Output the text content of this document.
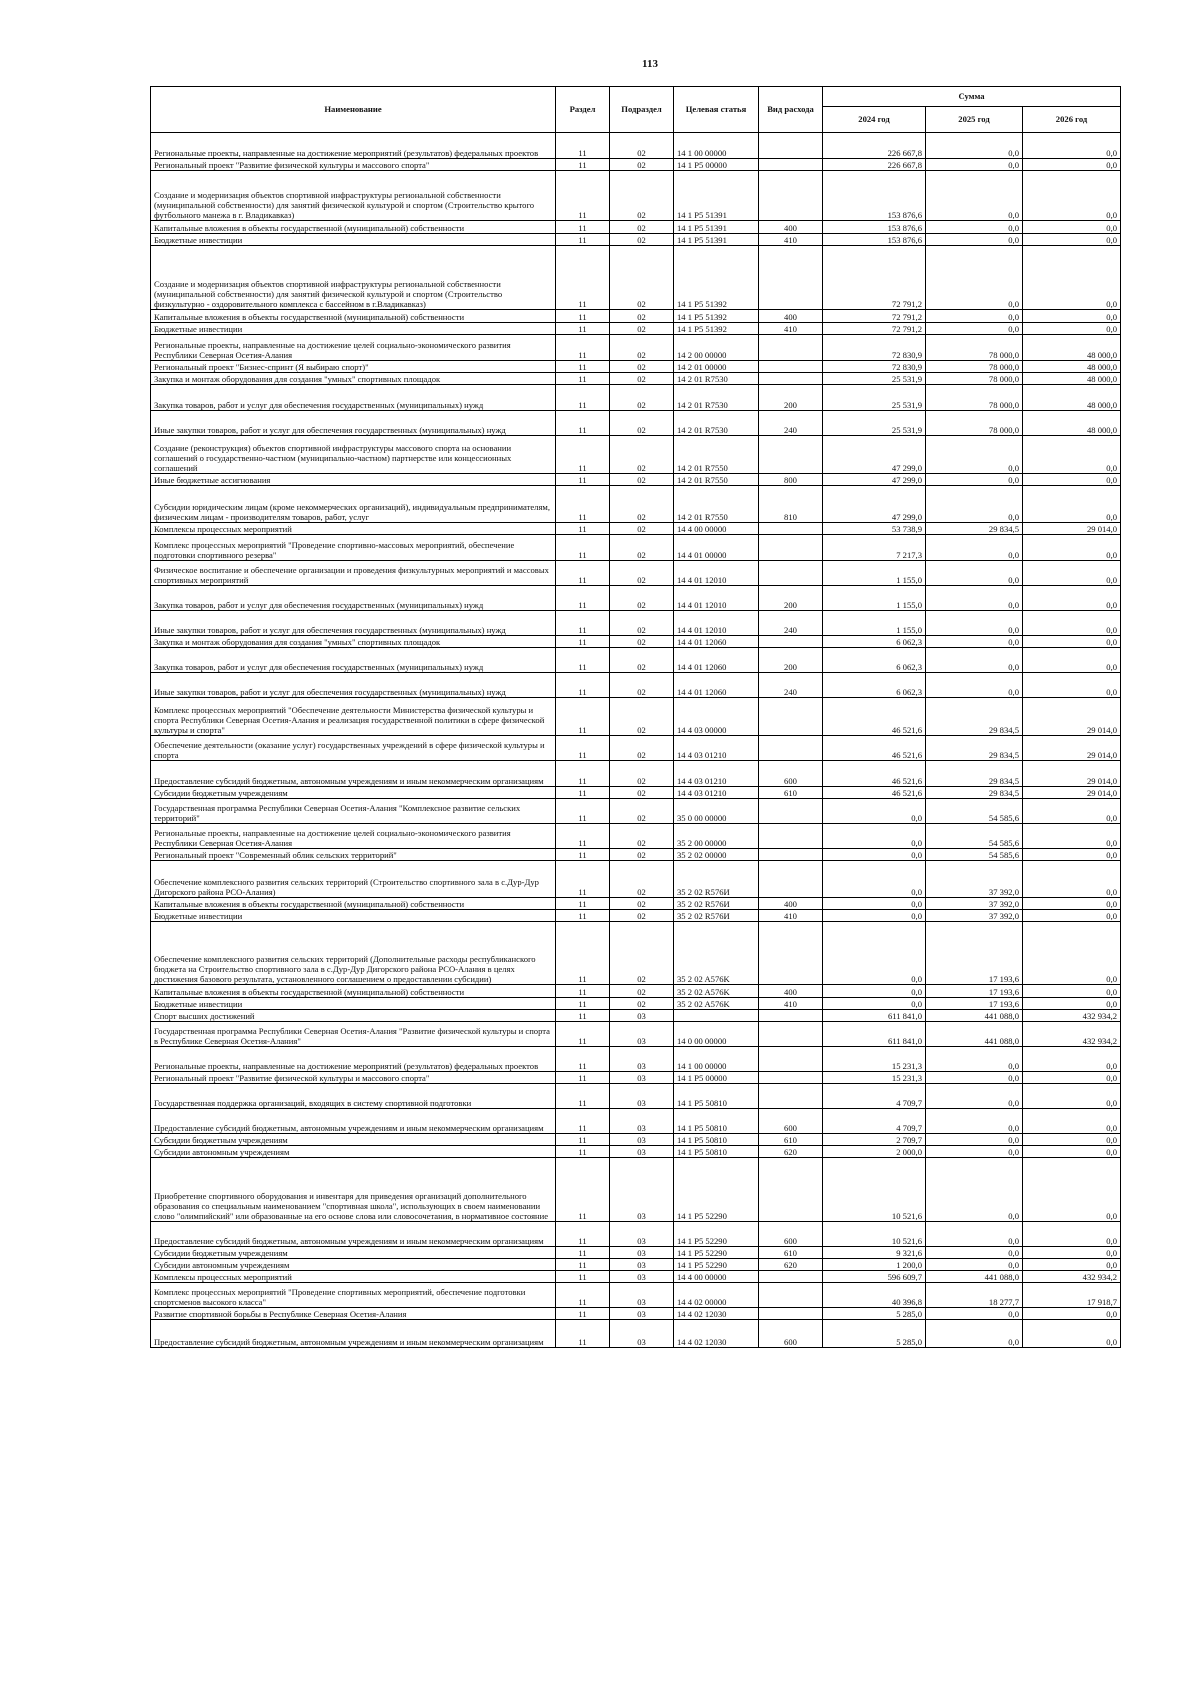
113
Наименование	Раздел	Подраздел	Целевая статья	Вид расхода	Сумма		
					2024 год	2025 год	2026 год
Региональные проекты, направленные на достижение мероприятий (результатов) федеральных проектов	11	02	14 1 00 00000		226 667,8	0,0	0,0
Региональный проект "Развитие физической культуры и массового спорта"	11	02	14 1 P5 00000		226 667,8	0,0	0,0
Создание и модернизация объектов спортивной инфраструктуры региональной собственности (муниципальной собственности) для занятий физической культурой и спортом (Строительство крытого футбольного манежа в г. Владикавказ)	11	02	14 1 P5 51391		153 876,6	0,0	0,0
Капитальные вложения в объекты государственной (муниципальной) собственности	11	02	14 1 P5 51391	400	153 876,6	0,0	0,0
Бюджетные инвестиции	11	02	14 1 P5 51391	410	153 876,6	0,0	0,0
Создание и модернизация объектов спортивной инфраструктуры региональной собственности (муниципальной собственности) для занятий физической культурой и спортом (Строительство физкультурно - оздоровительного комплекса с бассейном в г.Владикавказ)	11	02	14 1 P5 51392		72 791,2	0,0	0,0
Капитальные вложения в объекты государственной (муниципальной) собственности	11	02	14 1 P5 51392	400	72 791,2	0,0	0,0
Бюджетные инвестиции	11	02	14 1 P5 51392	410	72 791,2	0,0	0,0
Региональные проекты, направленные на достижение целей социально-экономического развития Республики Северная Осетия-Алания	11	02	14 2 00 00000		72 830,9	78 000,0	48 000,0
Региональный проект "Бизнес-спринт (Я выбираю спорт)"	11	02	14 2 01 00000		72 830,9	78 000,0	48 000,0
Закупка и монтаж оборудования для создания "умных" спортивных площадок	11	02	14 2 01 R7530		25 531,9	78 000,0	48 000,0
Закупка товаров, работ и услуг для обеспечения государственных (муниципальных) нужд	11	02	14 2 01 R7530	200	25 531,9	78 000,0	48 000,0
Иные закупки товаров, работ и услуг для обеспечения государственных (муниципальных) нужд	11	02	14 2 01 R7530	240	25 531,9	78 000,0	48 000,0
Создание (реконструкция) объектов спортивной инфраструктуры массового спорта на основании соглашений о государственно-частном (муниципально-частном) партнерстве или концессионных соглашений	11	02	14 2 01 R7550		47 299,0	0,0	0,0
Иные бюджетные ассигнования	11	02	14 2 01 R7550	800	47 299,0	0,0	0,0
Субсидии юридическим лицам (кроме некоммерческих организаций), индивидуальным предпринимателям, физическим лицам - производителям товаров, работ, услуг	11	02	14 2 01 R7550	810	47 299,0	0,0	0,0
Комплексы процессных мероприятий	11	02	14 4 00 00000		53 738,9	29 834,5	29 014,0
Комплекс процессных мероприятий "Проведение спортивно-массовых мероприятий, обеспечение подготовки спортивного резерва"	11	02	14 4 01 00000		7 217,3	0,0	0,0
Физическое воспитание и обеспечение организации и проведения физкультурных мероприятий и массовых спортивных мероприятий	11	02	14 4 01 12010		1 155,0	0,0	0,0
Закупка товаров, работ и услуг для обеспечения государственных (муниципальных) нужд	11	02	14 4 01 12010	200	1 155,0	0,0	0,0
Иные закупки товаров, работ и услуг для обеспечения государственных (муниципальных) нужд	11	02	14 4 01 12010	240	1 155,0	0,0	0,0
Закупка и монтаж оборудования для создания "умных" спортивных площадок	11	02	14 4 01 12060		6 062,3	0,0	0,0
Закупка товаров, работ и услуг для обеспечения государственных (муниципальных) нужд	11	02	14 4 01 12060	200	6 062,3	0,0	0,0
Иные закупки товаров, работ и услуг для обеспечения государственных (муниципальных) нужд	11	02	14 4 01 12060	240	6 062,3	0,0	0,0
Комплекс процессных мероприятий "Обеспечение деятельности Министерства физической культуры и спорта Республики Северная Осетия-Алания и реализация государственной политики в сфере физической культуры и спорта"	11	02	14 4 03 00000		46 521,6	29 834,5	29 014,0
Обеспечение деятельности (оказание услуг) государственных учреждений в сфере физической культуры и спорта	11	02	14 4 03 01210		46 521,6	29 834,5	29 014,0
Предоставление субсидий бюджетным, автономным учреждениям и иным некоммерческим организациям	11	02	14 4 03 01210	600	46 521,6	29 834,5	29 014,0
Субсидии бюджетным учреждениям	11	02	14 4 03 01210	610	46 521,6	29 834,5	29 014,0
Государственная программа Республики Северная Осетия-Алания "Комплексное развитие сельских территорий"	11	02	35 0 00 00000		0,0	54 585,6	0,0
Региональные проекты, направленные на достижение целей социально-экономического развития Республики Северная Осетия-Алания	11	02	35 2 00 00000		0,0	54 585,6	0,0
Региональный проект "Современный облик сельских территорий"	11	02	35 2 02 00000		0,0	54 585,6	0,0
Обеспечение комплексного развития сельских территорий (Строительство спортивного зала в с.Дур-Дур Дигорского района РСО-Алания)	11	02	35 2 02 R576И		0,0	37 392,0	0,0
Капитальные вложения в объекты государственной (муниципальной) собственности	11	02	35 2 02 R576И	400	0,0	37 392,0	0,0
Бюджетные инвестиции	11	02	35 2 02 R576И	410	0,0	37 392,0	0,0
Обеспечение комплексного развития сельских территорий (Дополнительные расходы республиканского бюджета на Строительство спортивного зала в с.Дур-Дур Дигорского района РСО-Алания в целях достижения базового результата, установленного соглашением о предоставлении субсидии)	11	02	35 2 02 A576K		0,0	17 193,6	0,0
Капитальные вложения в объекты государственной (муниципальной) собственности	11	02	35 2 02 A576K	400	0,0	17 193,6	0,0
Бюджетные инвестиции	11	02	35 2 02 A576K	410	0,0	17 193,6	0,0
Спорт высших достижений	11	03			611 841,0	441 088,0	432 934,2
Государственная программа Республики Северная Осетия-Алания "Развитие физической культуры и спорта в Республике Северная Осетия-Алания"	11	03	14 0 00 00000		611 841,0	441 088,0	432 934,2
Региональные проекты, направленные на достижение мероприятий (результатов) федеральных проектов	11	03	14 1 00 00000		15 231,3	0,0	0,0
Региональный проект "Развитие физической культуры и массового спорта"	11	03	14 1 P5 00000		15 231,3	0,0	0,0
Государственная поддержка организаций, входящих в систему спортивной подготовки	11	03	14 1 P5 50810		4 709,7	0,0	0,0
Предоставление субсидий бюджетным, автономным учреждениям и иным некоммерческим организациям	11	03	14 1 P5 50810	600	4 709,7	0,0	0,0
Субсидии бюджетным учреждениям	11	03	14 1 P5 50810	610	2 709,7	0,0	0,0
Субсидии автономным учреждениям	11	03	14 1 P5 50810	620	2 000,0	0,0	0,0
Приобретение спортивного оборудования и инвентаря для приведения организаций дополнительного образования со специальным наименованием "спортивная школа", использующих в своем наименовании слово "олимпийский" или образованные на его основе слова или словосочетания, в нормативное состояние	11	03	14 1 P5 52290		10 521,6	0,0	0,0
Предоставление субсидий бюджетным, автономным учреждениям и иным некоммерческим организациям	11	03	14 1 P5 52290	600	10 521,6	0,0	0,0
Субсидии бюджетным учреждениям	11	03	14 1 P5 52290	610	9 321,6	0,0	0,0
Субсидии автономным учреждениям	11	03	14 1 P5 52290	620	1 200,0	0,0	0,0
Комплексы процессных мероприятий	11	03	14 4 00 00000		596 609,7	441 088,0	432 934,2
Комплекс процессных мероприятий "Проведение спортивных мероприятий, обеспечение подготовки спортсменов высокого класса"	11	03	14 4 02 00000		40 396,8	18 277,7	17 918,7
Развитие спортивной борьбы в Республике Северная Осетия-Алания	11	03	14 4 02 12030		5 285,0	0,0	0,0
Предоставление субсидий бюджетным, автономным учреждениям и иным некоммерческим организациям	11	03	14 4 02 12030	600	5 285,0	0,0	0,0
